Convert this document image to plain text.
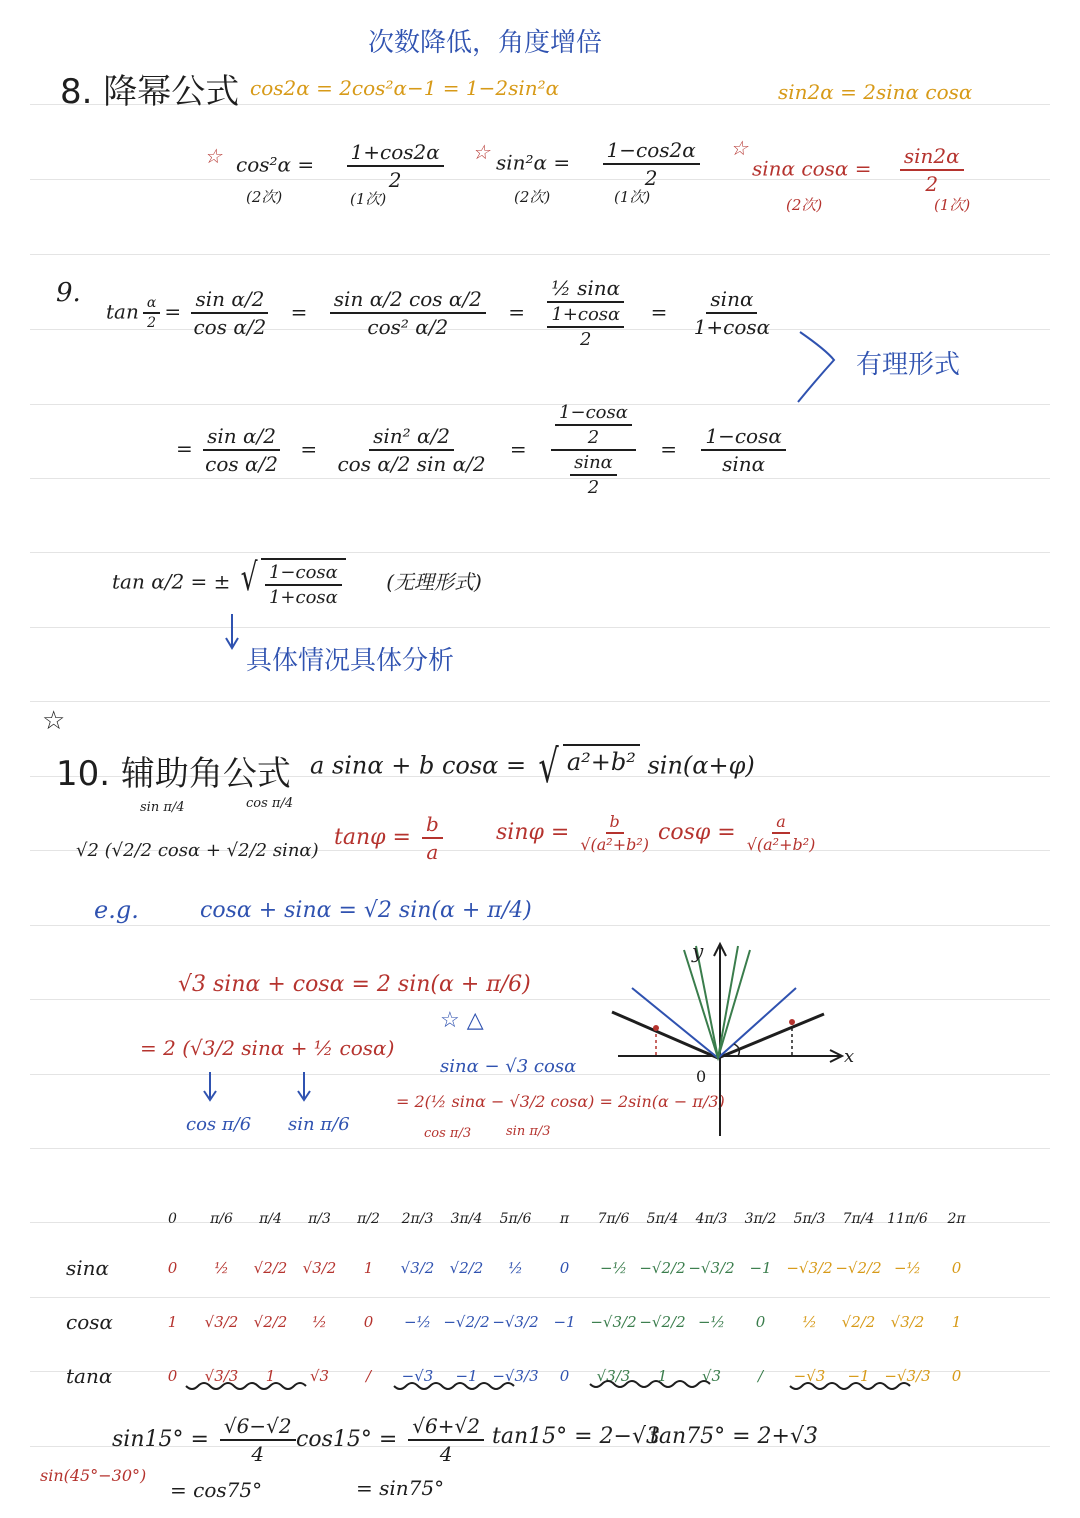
次数降低，角度增倍
8. 降幂公式 cos2α = 2cos²α−1 = 1−2sin²α	sin2α = 2sinα cosα
☆ $\cos^2\alpha = \frac{1+\cos 2\alpha}{2}$
(2次)	(1次)
☆ $\sin^2\alpha = \frac{1-\cos 2\alpha}{2}$
(2次)	(1次)
☆
sinα $\cos\alpha = \frac{\sin 2\alpha}{2}$
(2次)	(1次)
9.
$\tan \frac{\alpha}{2} = \frac{\text{sin α/2}}{\text{cos α/2}} = \frac{\text{sin α/2 cos α/2}}{\text{cos² α/2}} = \frac{\text{½ sinα}}{\frac{1+\cos\alpha}{2}} = \frac{\sin\alpha}{1+\cos\alpha}$
有理形式
= $\frac{\text{sin α/2}}{\text{cos α/2}} = \frac{\text{sin² α/2}}{\text{cos α/2 sin α/2}} = \frac{\frac{1-\cos\alpha}{2}}{\frac{\sin\alpha}{2}} = \frac{1-\cos\alpha}{\sin\alpha}$
tan α/2 = ± √ $\frac{1-\cos\alpha}{1+\cos\alpha}$ (无理形式)
具体情况具体分析
☆
10. 辅助角公式 a sinα + b cosα = √ a²+b² sin(α+φ)
sin π/4	cos π/4
√2 (√2/2 cosα + √2/2 sinα)
$\tan\varphi = \frac{b}{a}$ $\sin\varphi = \frac{b}{\text{√(a²+b²)}}$ $\cos\varphi = \frac{a}{\text{√(a²+b²)}}$
e.g.	cosα + sinα = √2 sin(α + π/4)
√3 sinα + cosα = 2 sin(α + π/6)
= 2 (√3/2 sinα + ½ cosα)
cos π/6 sin π/6
☆ △
sinα − √3 cosα
= 2(½ sinα − √3/2 cosα) = 2sin(α − π/3)
cos π/3	sin π/3
x
y
0
	0	π/6	π/4	π/3	π/2	2π/3	3π/4	5π/6	π	7π/6	5π/4	4π/3	3π/2	5π/3	7π/4	11π/6	2π
sinα	0	½	√2/2	√3/2	1	√3/2	√2/2	½	0	−½	−√2/2	−√3/2	−1	−√3/2	−√2/2	−½	0
cosα	1	√3/2	√2/2	½	0	−½	−√2/2	−√3/2	−1	−√3/2	−√2/2	−½	0	½	√2/2	√3/2	1
tanα	0	√3/3	1	√3	/	−√3	−1	−√3/3	0	√3/3	1	√3	/	−√3	−1	−√3/3	0
$\sin 15^\circ = \frac{√6-√2}{4}$
sin(45°−30°)
= cos75°
$\cos 15^\circ = \frac{√6+√2}{4}$
= sin75°
tan15° = 2−√3
tan75° = 2+√3
